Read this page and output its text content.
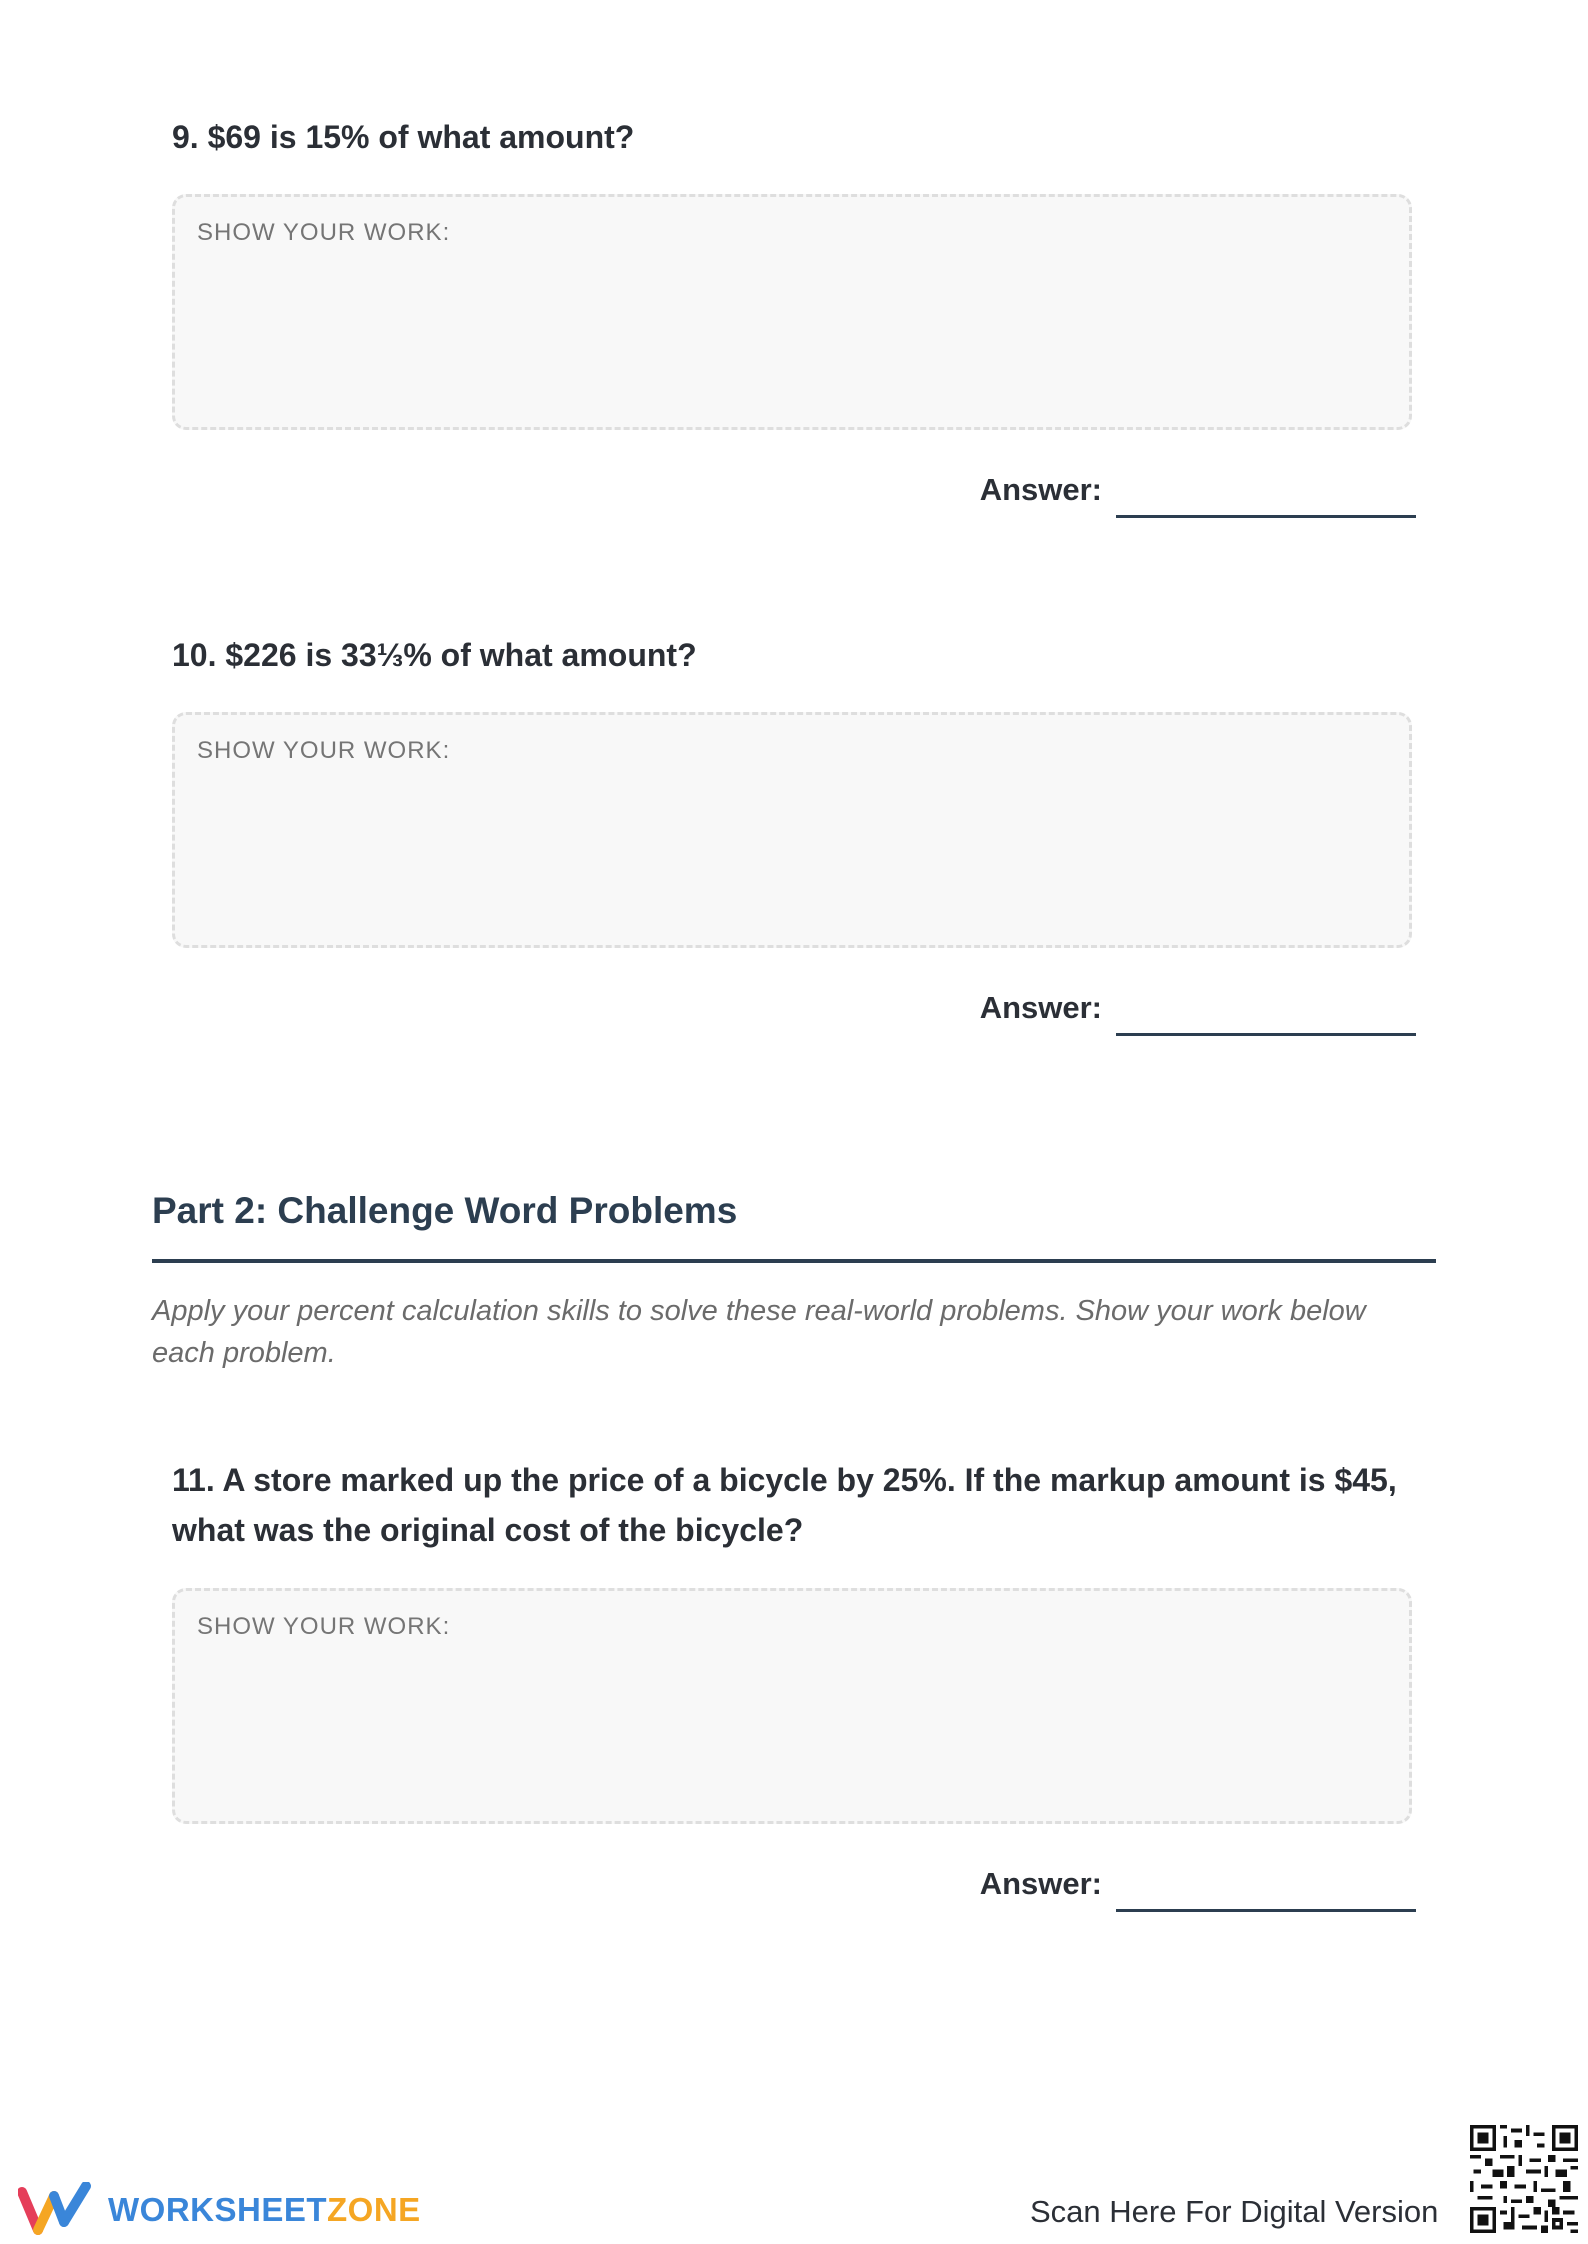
9. $69 is 15% of what amount?

SHOW YOUR WORK:
Answer:

10. $226 is 33⅓% of what amount?

SHOW YOUR WORK:
Answer:
Part 2: Challenge Word Problems

Apply your percent calculation skills to solve these real-world problems. Show your work below each problem.

11. A store marked up the price of a bicycle by 25%. If the markup amount is $45, what was the original cost of the bicycle?

SHOW YOUR WORK:
Answer:
WORKSHEETZONE	Scan Here For Digital Version
